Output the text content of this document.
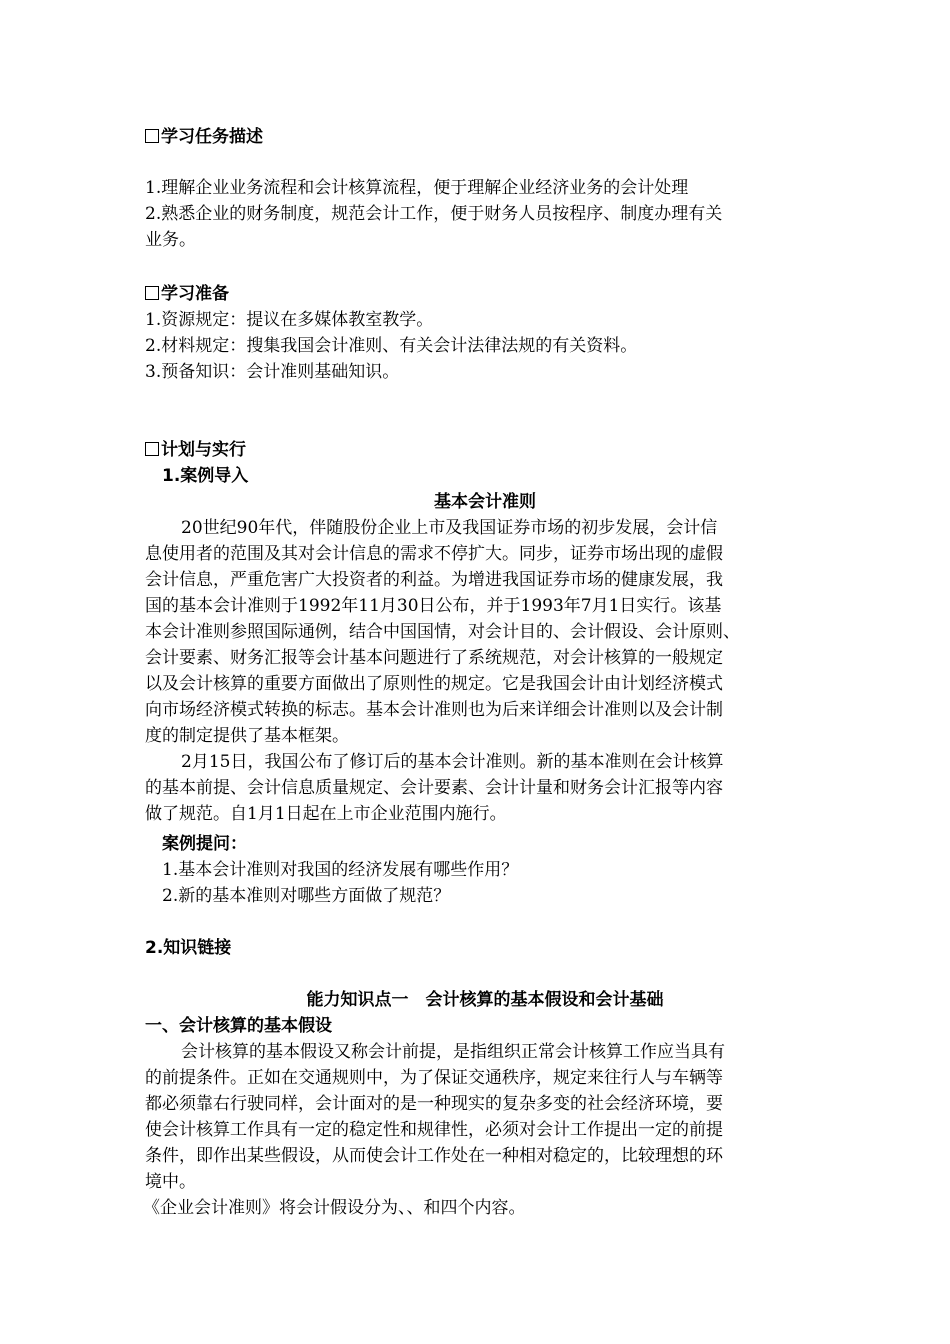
学习任务描述
1.理解企业业务流程和会计核算流程，便于理解企业经济业务的会计处理
2.熟悉企业的财务制度，规范会计工作，便于财务人员按程序、制度办理有关
业务。
学习准备
1.资源规定：提议在多媒体教室教学。
2.材料规定：搜集我国会计准则、有关会计法律法规的有关资料。
3.预备知识：会计准则基础知识。
计划与实行
1.案例导入
基本会计准则
20世纪90年代，伴随股份企业上市及我国证券市场的初步发展，会计信
息使用者的范围及其对会计信息的需求不停扩大。同步，证券市场出现的虚假
会计信息，严重危害广大投资者的利益。为增进我国证券市场的健康发展，我
国的基本会计准则于1992年11月30日公布，并于1993年7月1日实行。该基
本会计准则参照国际通例，结合中国国情，对会计目的、会计假设、会计原则、
会计要素、财务汇报等会计基本问题进行了系统规范，对会计核算的一般规定
以及会计核算的重要方面做出了原则性的规定。它是我国会计由计划经济模式
向市场经济模式转换的标志。基本会计准则也为后来详细会计准则以及会计制
度的制定提供了基本框架。
2月15日，我国公布了修订后的基本会计准则。新的基本准则在会计核算
的基本前提、会计信息质量规定、会计要素、会计计量和财务会计汇报等内容
做了规范。自1月1日起在上市企业范围内施行。
案例提问：
1.基本会计准则对我国的经济发展有哪些作用？
2.新的基本准则对哪些方面做了规范？
2.知识链接
能力知识点一　会计核算的基本假设和会计基础
一、会计核算的基本假设
会计核算的基本假设又称会计前提，是指组织正常会计核算工作应当具有
的前提条件。正如在交通规则中，为了保证交通秩序，规定来往行人与车辆等
都必须靠右行驶同样，会计面对的是一种现实的复杂多变的社会经济环境，要
使会计核算工作具有一定的稳定性和规律性，必须对会计工作提出一定的前提
条件，即作出某些假设，从而使会计工作处在一种相对稳定的，比较理想的环
境中。
《企业会计准则》将会计假设分为、、和四个内容。
